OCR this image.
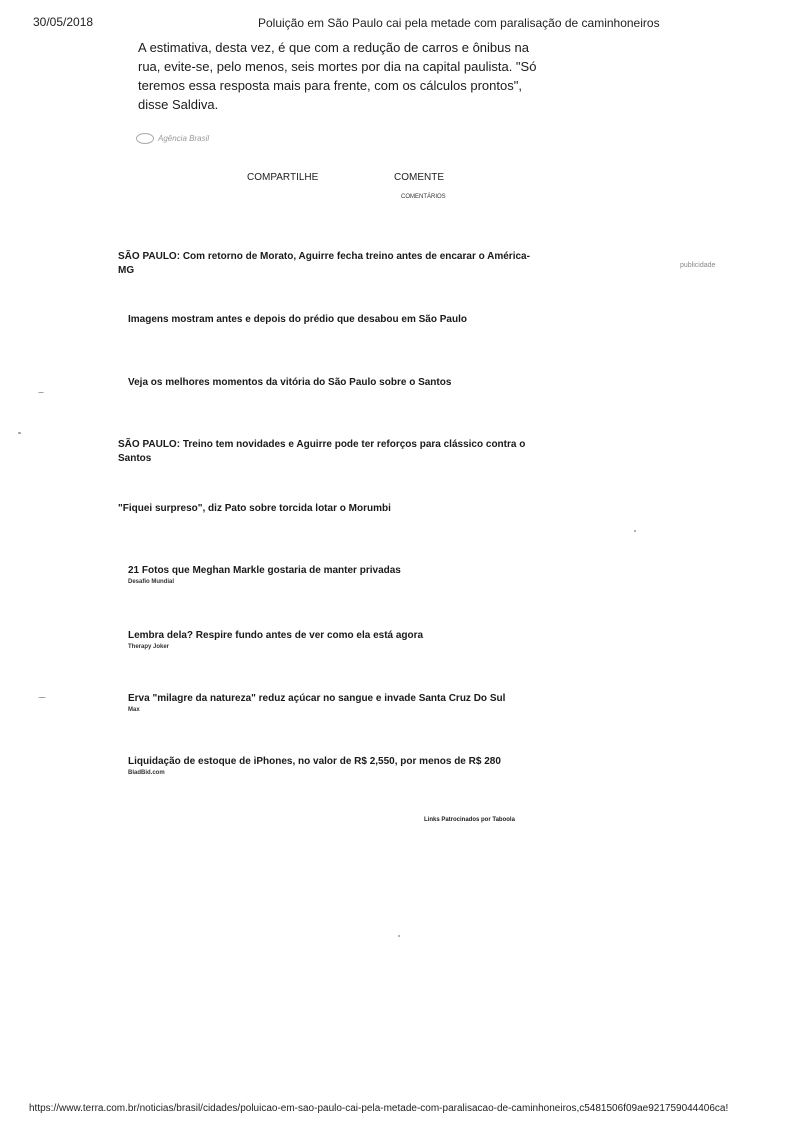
30/05/2018	Poluição em São Paulo cai pela metade com paralisação de caminhoneiros
A estimativa, desta vez, é que com a redução de carros e ônibus na rua, evite-se, pelo menos, seis mortes por dia na capital paulista. "Só teremos essa resposta mais para frente, com os cálculos prontos", disse Saldiva.
Agência Brasil
COMPARTILHE	COMENTE
COMENTÁRIOS
publicidade
SÃO PAULO: Com retorno de Morato, Aguirre fecha treino antes de encarar o América-MG
Imagens mostram antes e depois do prédio que desabou em São Paulo
Veja os melhores momentos da vitória do São Paulo sobre o Santos
SÃO PAULO: Treino tem novidades e Aguirre pode ter reforços para clássico contra o Santos
"Fiquei surpreso", diz Pato sobre torcida lotar o Morumbi
21 Fotos que Meghan Markle gostaria de manter privadas
Desafio Mundial
Lembra dela? Respire fundo antes de ver como ela está agora
Therapy Joker
Erva "milagre da natureza" reduz açúcar no sangue e invade Santa Cruz Do Sul
Max
Liquidação de estoque de iPhones, no valor de R$ 2,550, por menos de R$ 280
BladBid.com
Links Patrocinados por Taboola
https://www.terra.com.br/noticias/brasil/cidades/poluicao-em-sao-paulo-cai-pela-metade-com-paralisacao-de-caminhoneiros,c5481506f09ae921759044406ca!
